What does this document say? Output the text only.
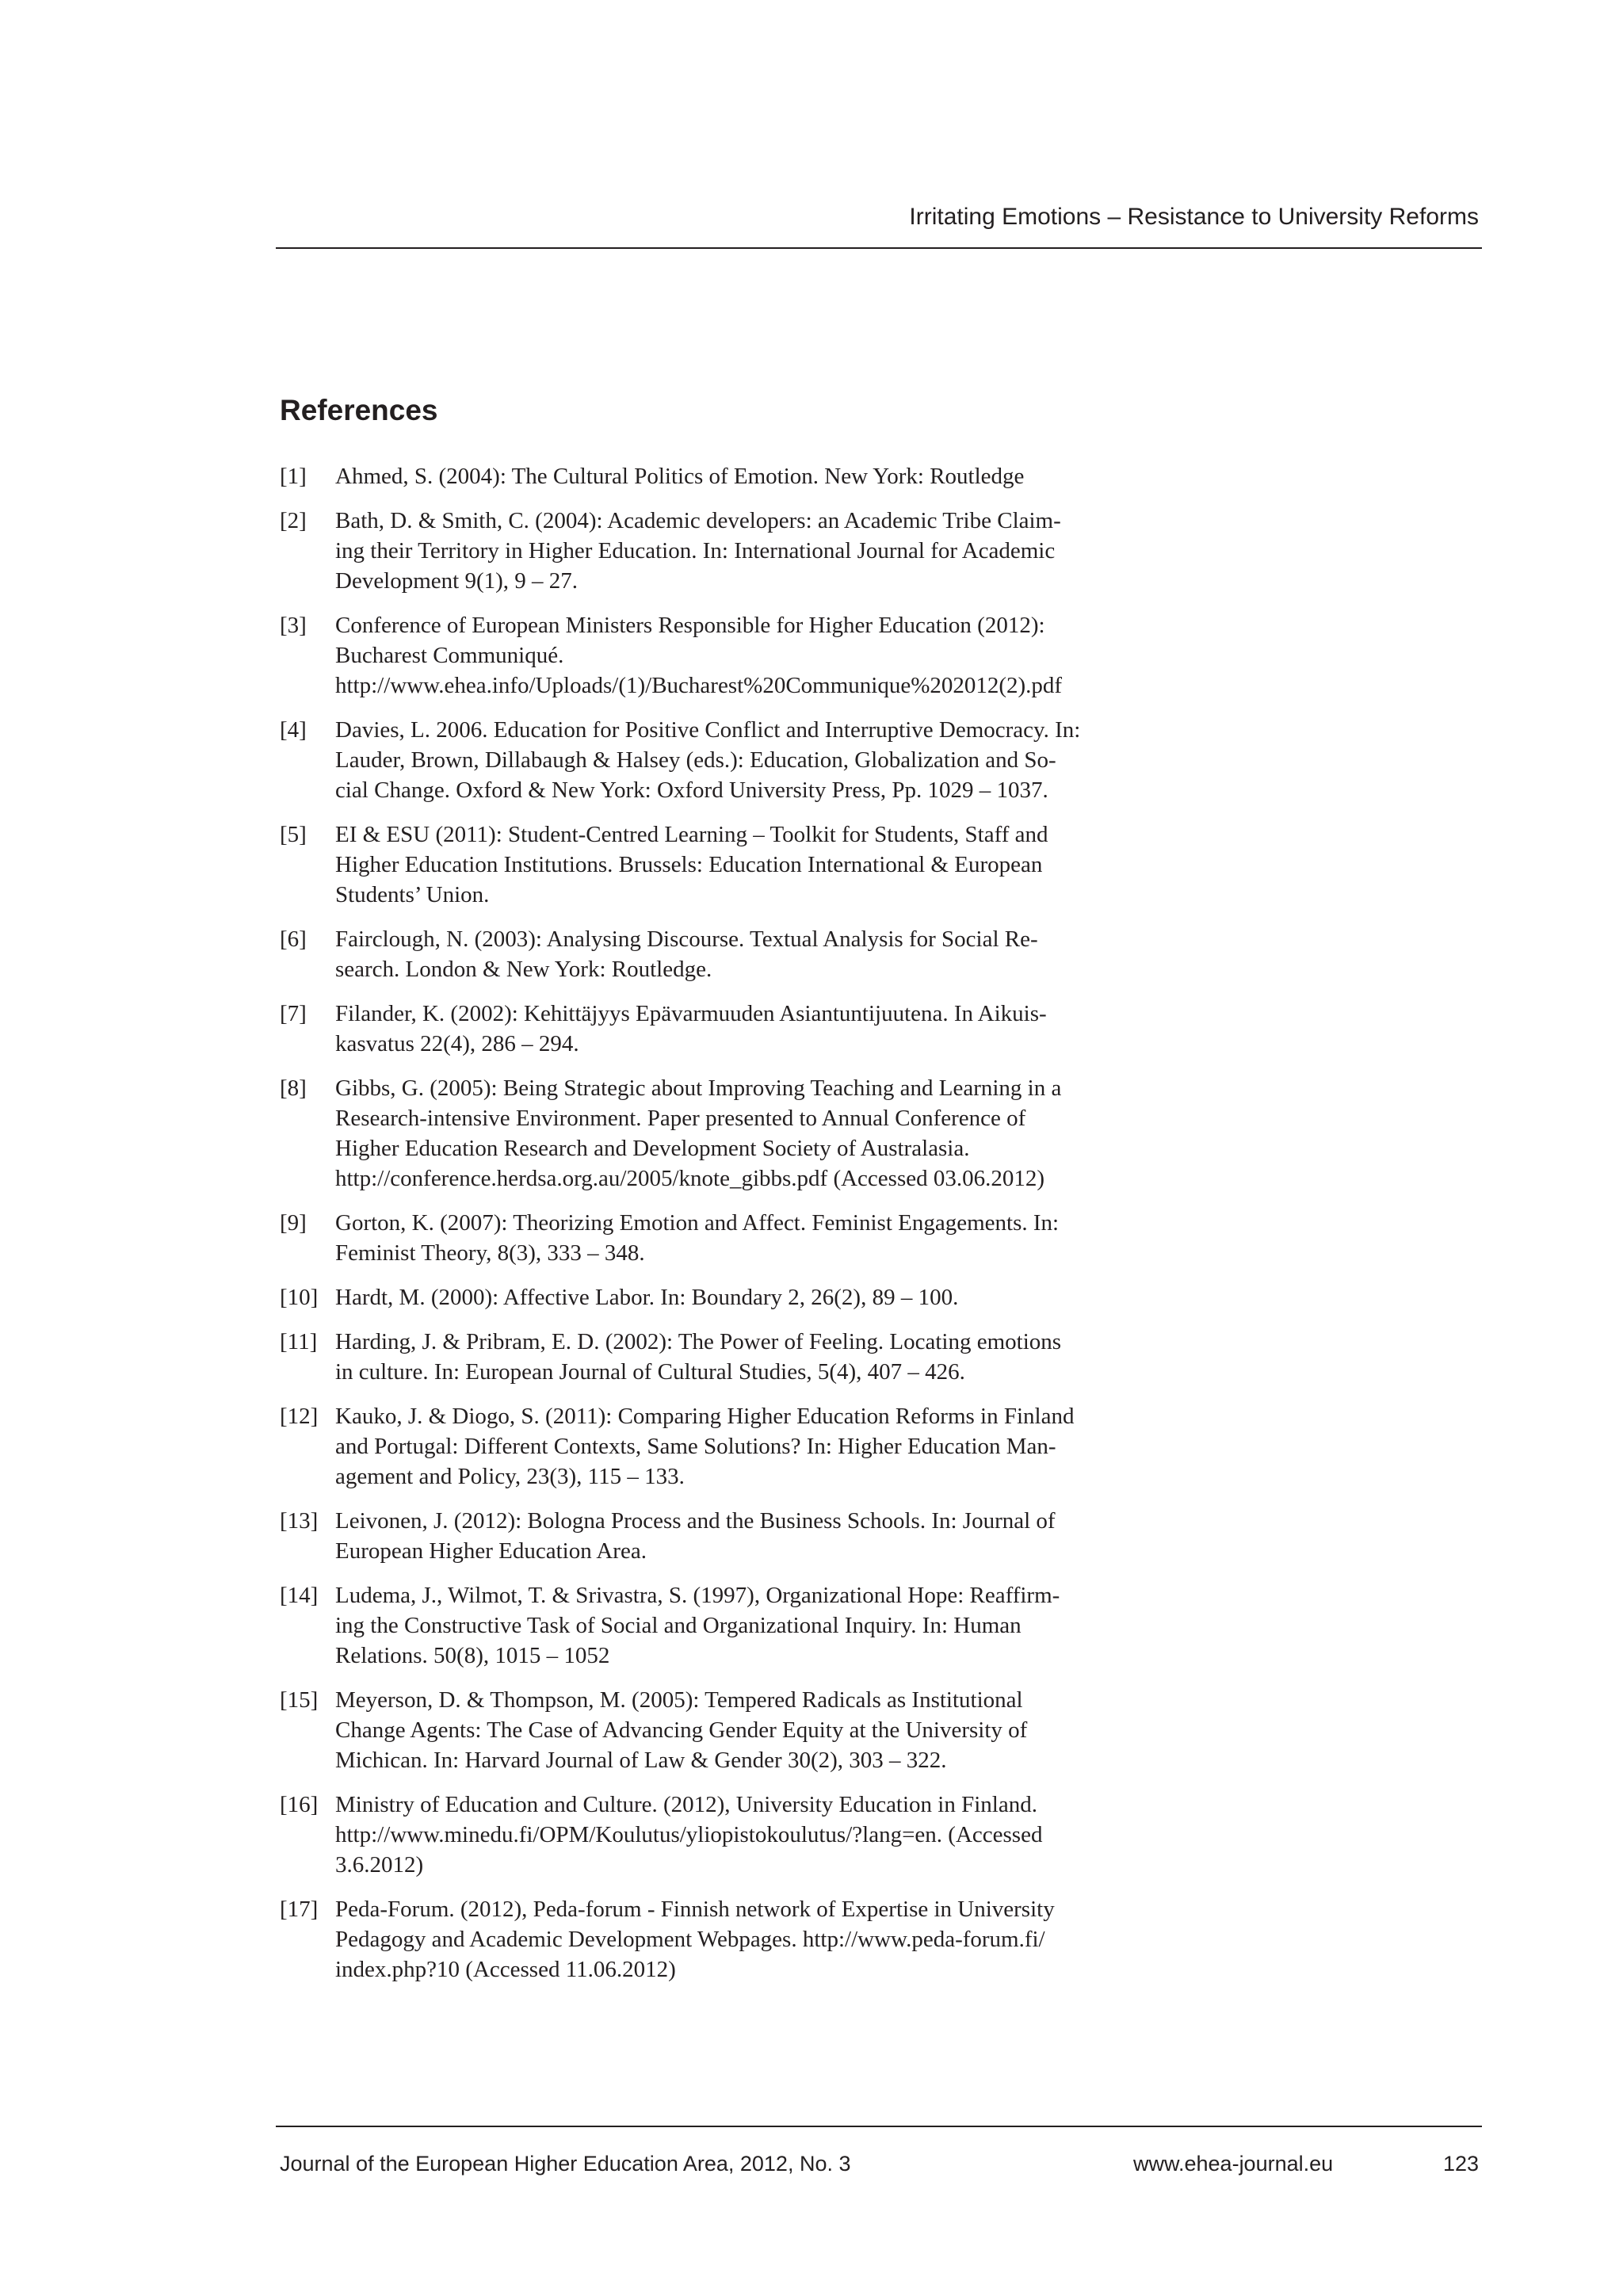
Irritating Emotions – Resistance to University Reforms
References
[1]	Ahmed, S. (2004): The Cultural Politics of Emotion. New York: Routledge
[2]	Bath, D. & Smith, C. (2004): Academic developers: an Academic Tribe Claim-
ing their Territory in Higher Education. In: International Journal for Academic
Development 9(1), 9 – 27.
[3]	Conference of European Ministers Responsible for Higher Education (2012):
Bucharest Communiqué.
http://www.ehea.info/Uploads/(1)/Bucharest%20Communique%202012(2).pdf
[4]	Davies, L. 2006. Education for Positive Conflict and Interruptive Democracy. In:
Lauder, Brown, Dillabaugh & Halsey (eds.): Education, Globalization and So-
cial Change. Oxford & New York: Oxford University Press, Pp. 1029 – 1037.
[5]	EI & ESU (2011): Student-Centred Learning – Toolkit for Students, Staff and
Higher Education Institutions. Brussels: Education International & European
Students’ Union.
[6]	Fairclough, N. (2003): Analysing Discourse. Textual Analysis for Social Re-
search. London & New York: Routledge.
[7]	Filander, K. (2002): Kehittäjyys Epävarmuuden Asiantuntijuutena. In Aikuis-
kasvatus 22(4), 286 – 294.
[8]	Gibbs, G. (2005): Being Strategic about Improving Teaching and Learning in a
Research-intensive Environment. Paper presented to Annual Conference of
Higher Education Research and Development Society of Australasia.
http://conference.herdsa.org.au/2005/knote_gibbs.pdf (Accessed 03.06.2012)
[9]	Gorton, K. (2007): Theorizing Emotion and Affect. Feminist Engagements. In:
Feminist Theory, 8(3), 333 – 348.
[10] Hardt, M. (2000): Affective Labor. In: Boundary 2, 26(2), 89 – 100.
[11] Harding, J. & Pribram, E. D. (2002): The Power of Feeling. Locating emotions
in culture. In: European Journal of Cultural Studies, 5(4), 407 – 426.
[12] Kauko, J. & Diogo, S. (2011): Comparing Higher Education Reforms in Finland
and Portugal: Different Contexts, Same Solutions? In: Higher Education Man-
agement and Policy, 23(3), 115 – 133.
[13] Leivonen, J. (2012): Bologna Process and the Business Schools. In: Journal of
European Higher Education Area.
[14] Ludema, J., Wilmot, T. & Srivastra, S. (1997), Organizational Hope: Reaffirm-
ing the Constructive Task of Social and Organizational Inquiry. In: Human
Relations. 50(8), 1015 – 1052
[15] Meyerson, D. & Thompson, M. (2005): Tempered Radicals as Institutional
Change Agents: The Case of Advancing Gender Equity at the University of
Michican. In: Harvard Journal of Law & Gender 30(2), 303 – 322.
[16] Ministry of Education and Culture. (2012), University Education in Finland.
http://www.minedu.fi/OPM/Koulutus/yliopistokoulutus/?lang=en. (Accessed
3.6.2012)
[17] Peda-Forum. (2012), Peda-forum - Finnish network of Expertise in University
Pedagogy and Academic Development Webpages. http://www.peda-forum.fi/
index.php?10 (Accessed 11.06.2012)
Journal of the European Higher Education Area, 2012, No. 3	www.ehea-journal.eu	123
